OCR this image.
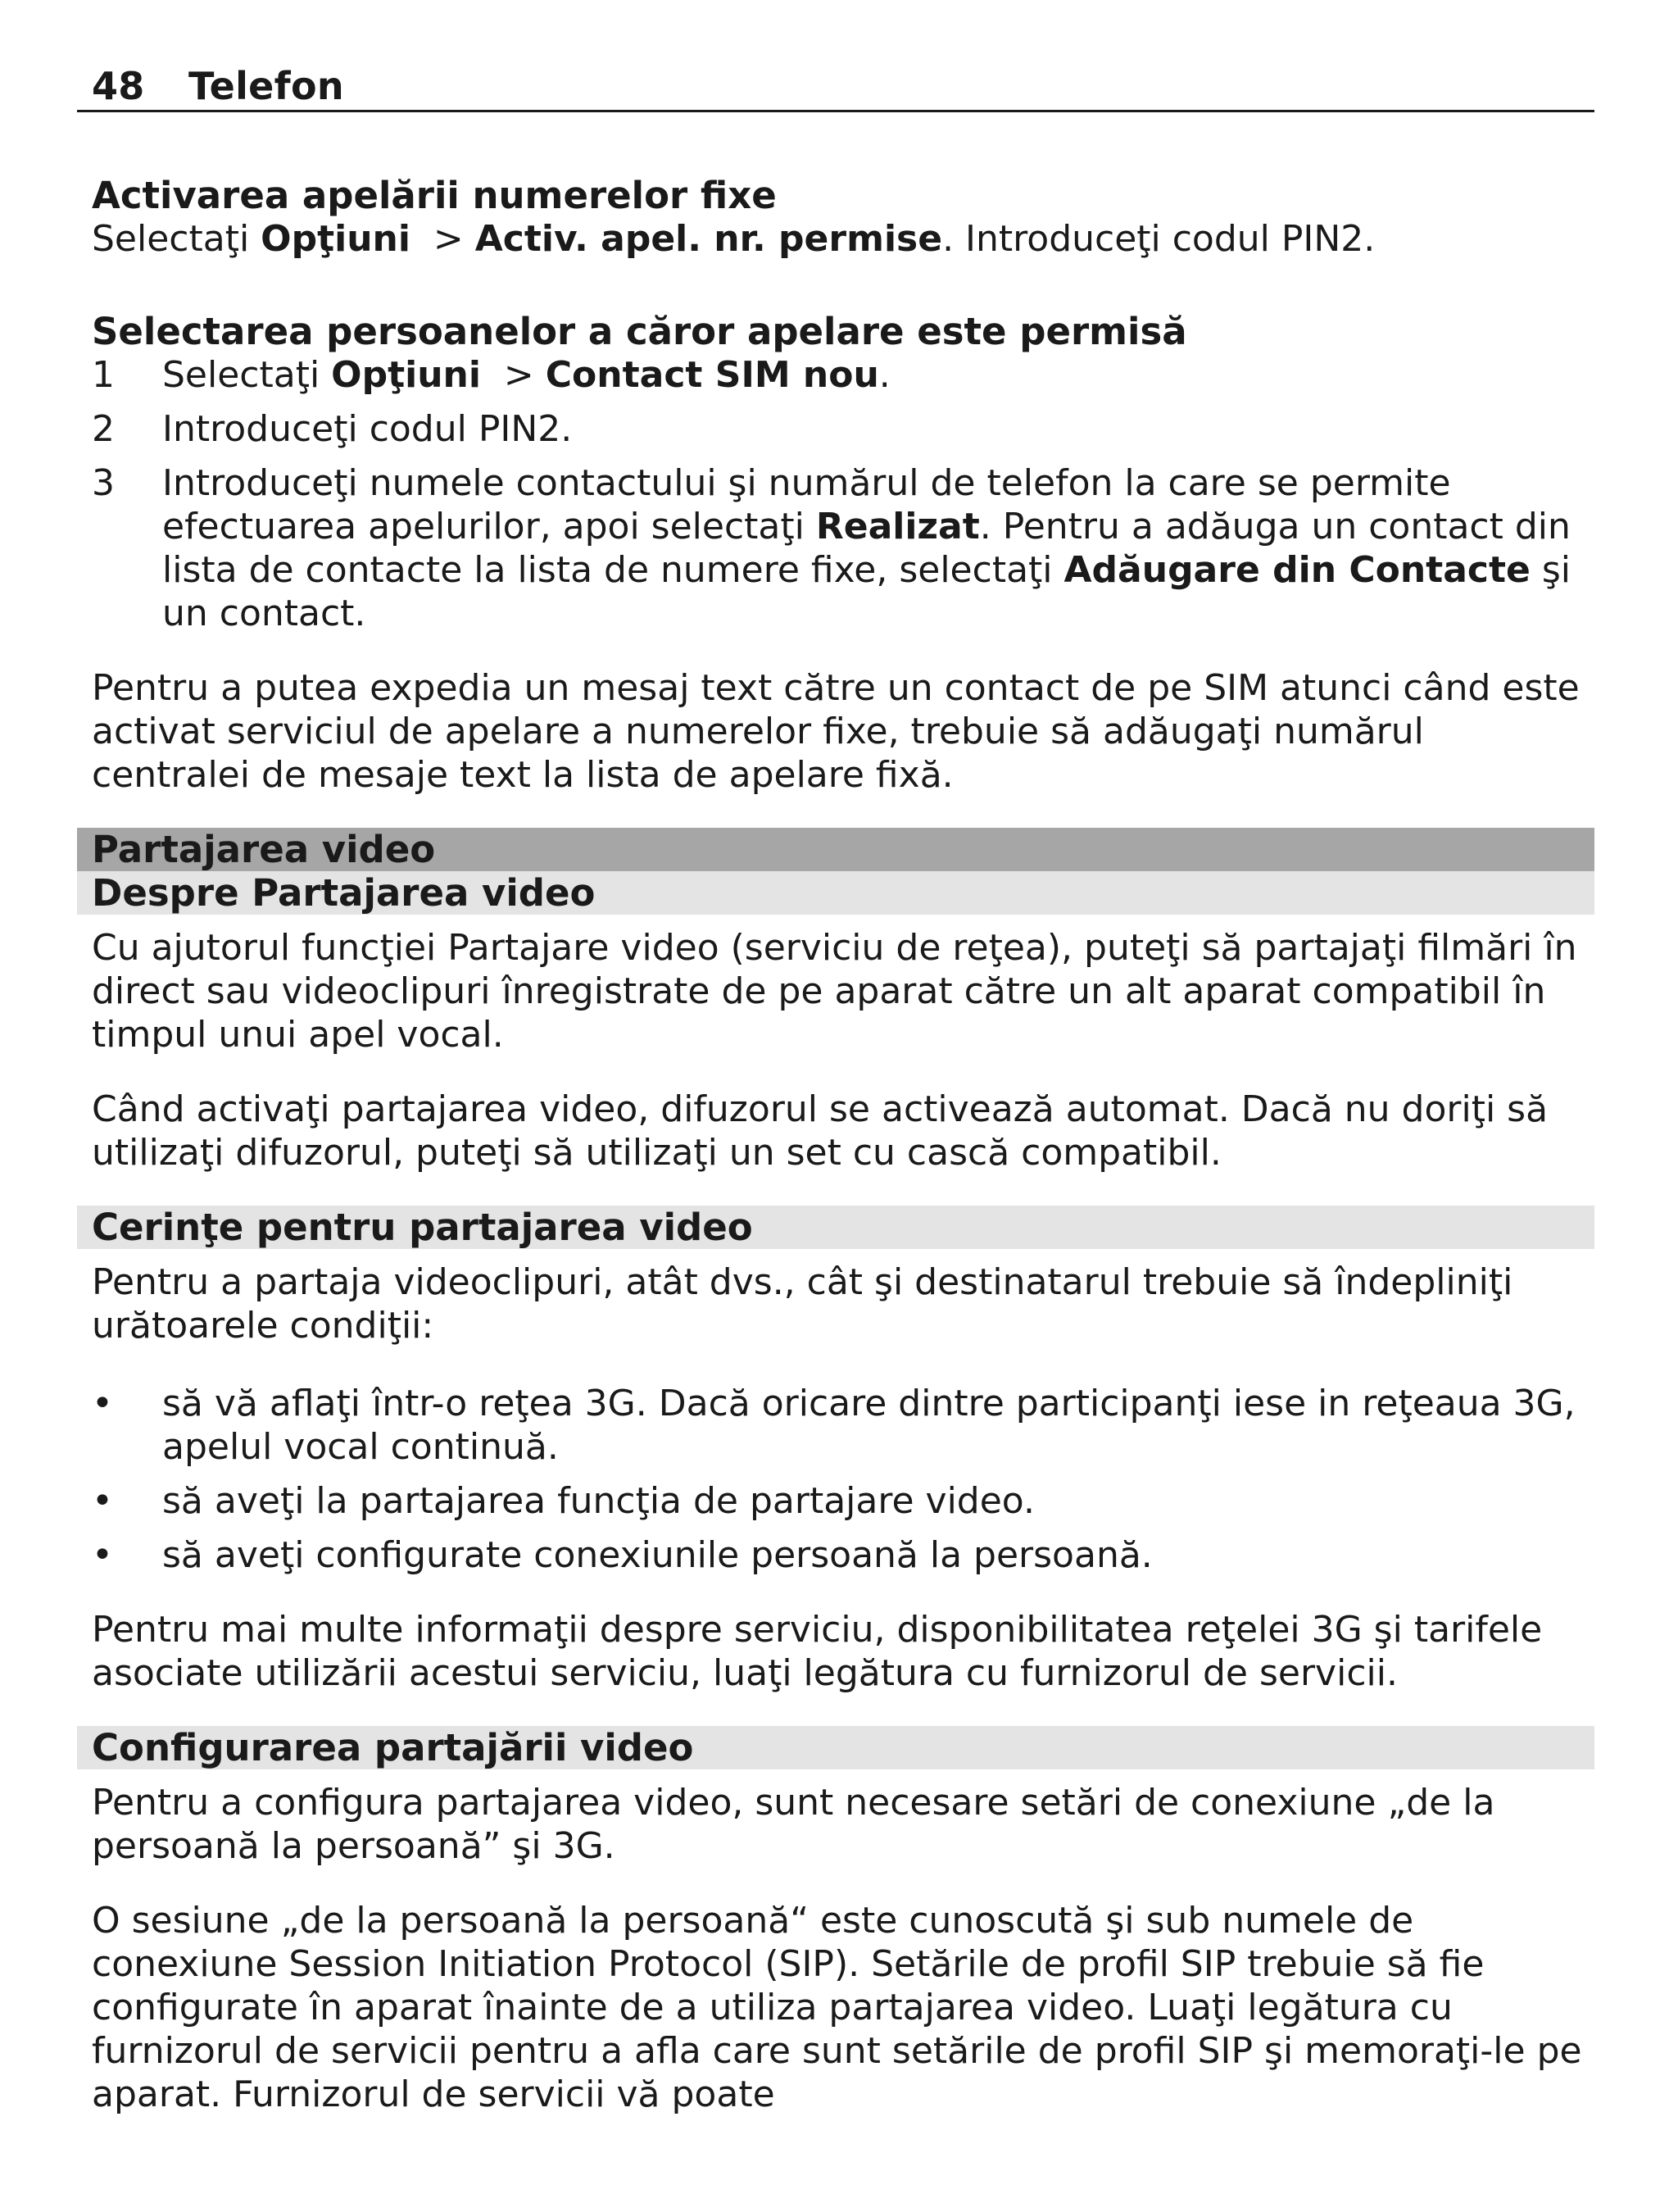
48 Telefon
Activarea apelării numerelor fixe

Selectaţi Opţiuni  > Activ. apel. nr. permise. Introduceţi codul PIN2.

Selectarea persoanelor a căror apelare este permisă
1 Selectaţi Opţiuni  > Contact SIM nou.
2 Introduceţi codul PIN2.
3 Introduceţi numele contactului şi numărul de telefon la care se permite efectuarea apelurilor, apoi selectaţi Realizat. Pentru a adăuga un contact din lista de contacte la lista de numere fixe, selectaţi Adăugare din Contacte şi un contact.

Pentru a putea expedia un mesaj text către un contact de pe SIM atunci când este activat serviciul de apelare a numerelor fixe, trebuie să adăugaţi numărul centralei de mesaje text la lista de apelare fixă.

Partajarea video
Despre Partajarea video

Cu ajutorul funcţiei Partajare video (serviciu de reţea), puteţi să partajaţi filmări în direct sau videoclipuri înregistrate de pe aparat către un alt aparat compatibil în timpul unui apel vocal.

Când activaţi partajarea video, difuzorul se activează automat. Dacă nu doriţi să utilizaţi difuzorul, puteţi să utilizaţi un set cu cască compatibil.

Cerinţe pentru partajarea video

Pentru a partaja videoclipuri, atât dvs., cât şi destinatarul trebuie să îndepliniţi urătoarele condiţii:

• să vă aflaţi într-o reţea 3G. Dacă oricare dintre participanţi iese in reţeaua 3G, apelul vocal continuă.
• să aveţi la partajarea funcţia de partajare video.
• să aveţi configurate conexiunile persoană la persoană.

Pentru mai multe informaţii despre serviciu, disponibilitatea reţelei 3G şi tarifele asociate utilizării acestui serviciu, luaţi legătura cu furnizorul de servicii.

Configurarea partajării video

Pentru a configura partajarea video, sunt necesare setări de conexiune „de la persoană la persoană” şi 3G.

O sesiune „de la persoană la persoană“ este cunoscută şi sub numele de conexiune Session Initiation Protocol (SIP). Setările de profil SIP trebuie să fie configurate în aparat înainte de a utiliza partajarea video. Luaţi legătura cu furnizorul de servicii pentru a afla care sunt setările de profil SIP şi memoraţi-le pe aparat. Furnizorul de servicii vă poate
